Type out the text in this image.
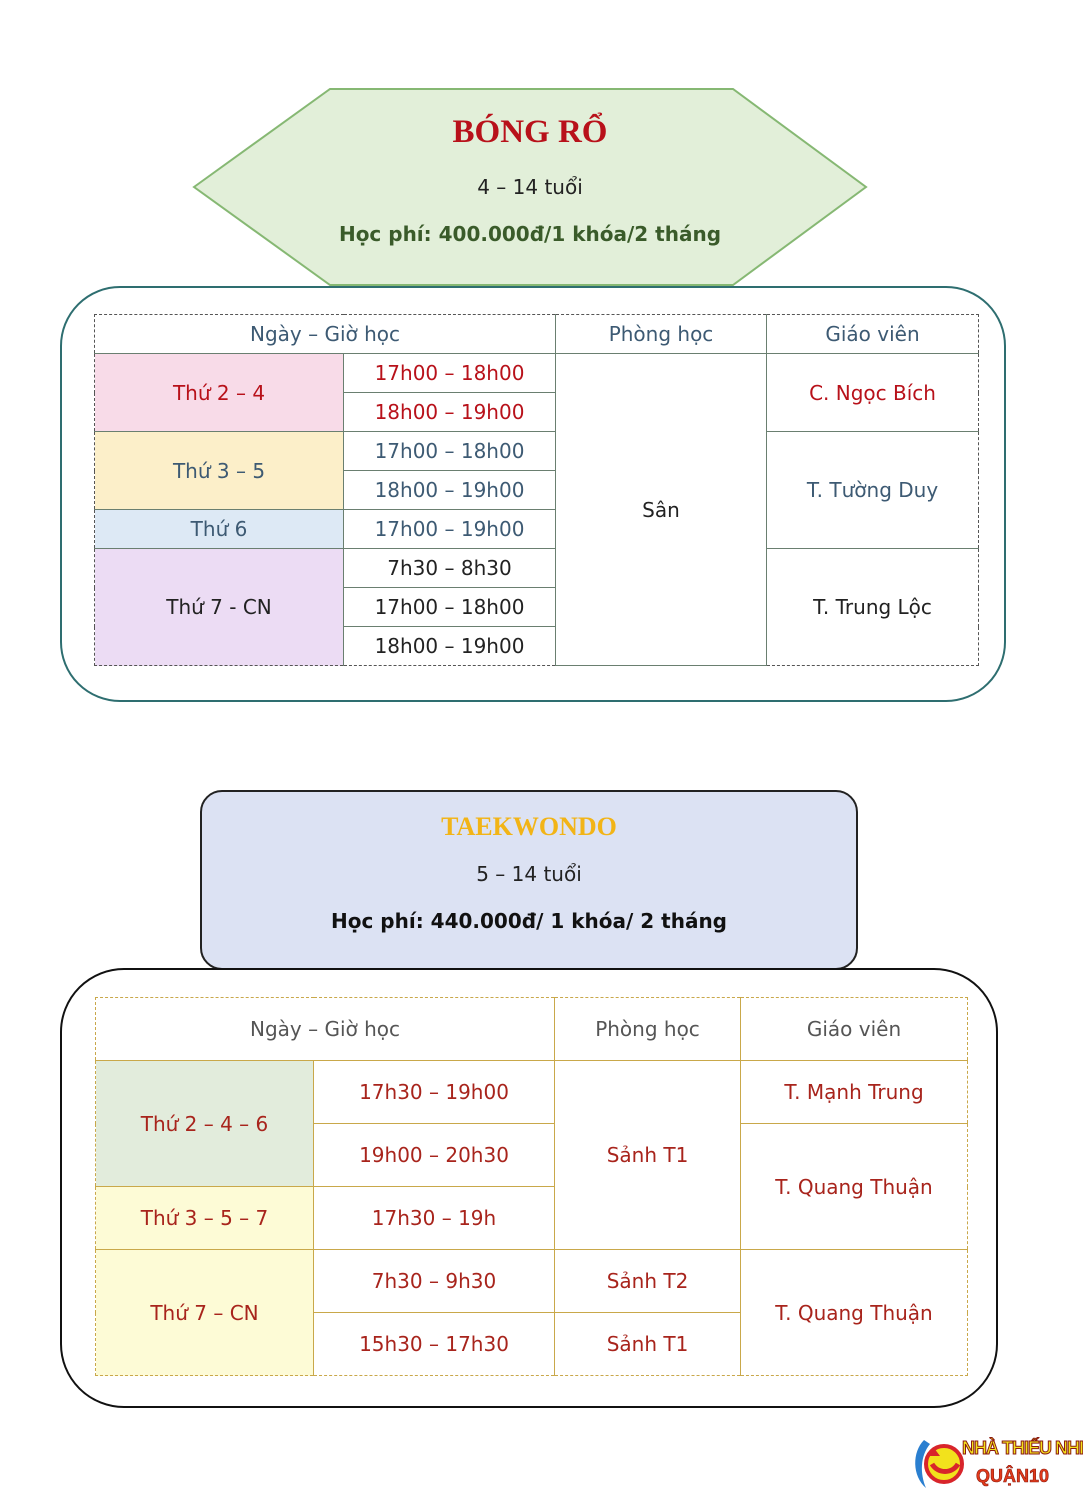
BÓNG RỔ
4 – 14 tuổi
Học phí: 400.000đ/1 khóa/2 tháng
Ngày – Giờ học		Phòng học	Giáo viên
Thứ 2 – 4	17h00 – 18h00	Sân	C. Ngọc Bích
	18h00 – 19h00		
Thứ 3 – 5	17h00 – 18h00		T. Tường Duy
	18h00 – 19h00		
Thứ 6	17h00 – 19h00		
Thứ 7 - CN	7h30 – 8h30		T. Trung Lộc
	17h00 – 18h00		
	18h00 – 19h00		
TAEKWONDO
5 – 14 tuổi
Học phí: 440.000đ/ 1 khóa/ 2 tháng
Ngày – Giờ học		Phòng học	Giáo viên
Thứ 2 – 4 – 6	17h30 – 19h00	Sảnh T1	T. Mạnh Trung
	19h00 – 20h30		T. Quang Thuận
Thứ 3 – 5 – 7	17h30 – 19h		
Thứ 7 – CN	7h30 – 9h30	Sảnh T2	T. Quang Thuận
	15h30 – 17h30	Sảnh T1	
NHÀ THIẾU NHI
QUẬN10
